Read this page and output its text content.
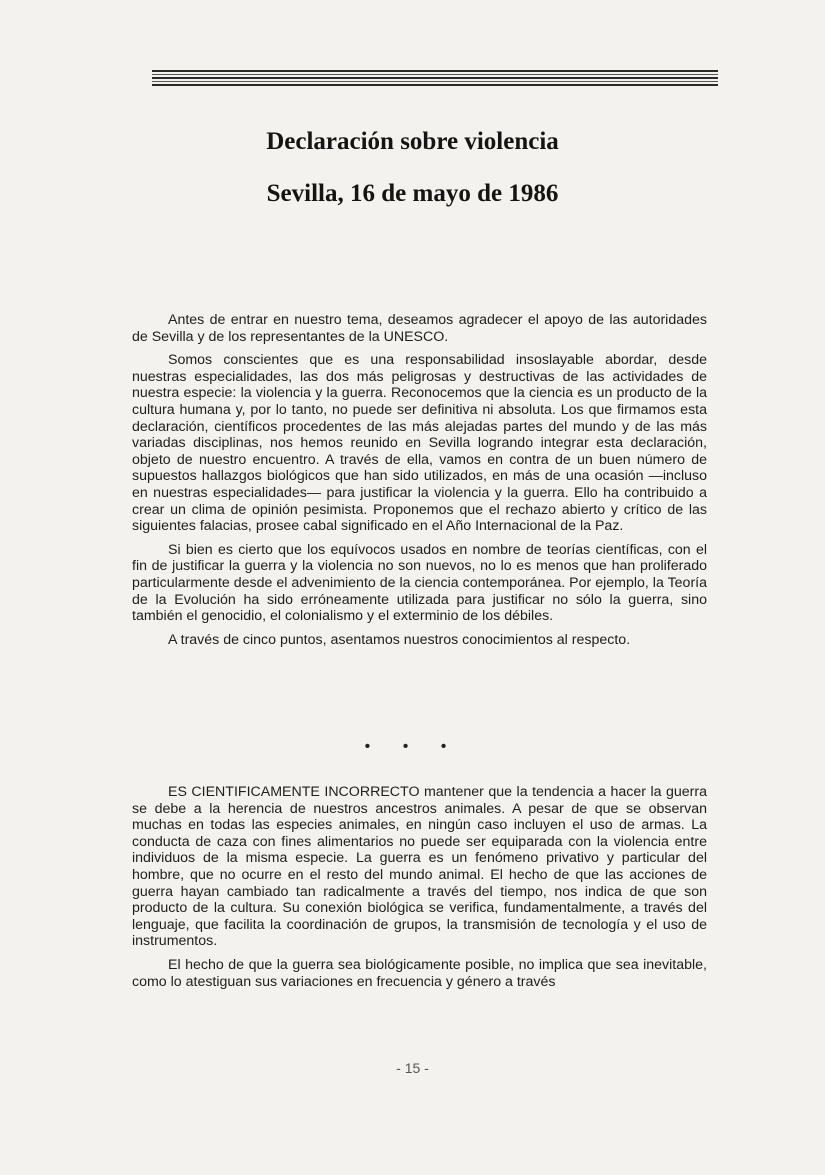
Declaración sobre violencia
Sevilla, 16 de mayo de 1986

Antes de entrar en nuestro tema, deseamos agradecer el apoyo de las autoridades de Sevilla y de los representantes de la UNESCO.

Somos conscientes que es una responsabilidad insoslayable abordar, desde nuestras especialidades, las dos más peligrosas y destructivas de las actividades de nuestra especie: la violencia y la guerra. Reconocemos que la ciencia es un producto de la cultura humana y, por lo tanto, no puede ser definitiva ni absoluta. Los que firmamos esta declaración, científicos procedentes de las más alejadas partes del mundo y de las más variadas disciplinas, nos hemos reunido en Sevilla logrando integrar esta declaración, objeto de nuestro encuentro. A través de ella, vamos en contra de un buen número de supuestos hallazgos biológicos que han sido utilizados, en más de una ocasión —incluso en nuestras especialidades— para justificar la violencia y la guerra. Ello ha contribuido a crear un clima de opinión pesimista. Proponemos que el rechazo abierto y crítico de las siguientes falacias, prosee cabal significado en el Año Internacional de la Paz.

Si bien es cierto que los equívocos usados en nombre de teorías científicas, con el fin de justificar la guerra y la violencia no son nuevos, no lo es menos que han proliferado particularmente desde el advenimiento de la ciencia contemporánea. Por ejemplo, la Teoría de la Evolución ha sido erróneamente utilizada para justificar no sólo la guerra, sino también el genocidio, el colonialismo y el exterminio de los débiles.

A través de cinco puntos, asentamos nuestros conocimientos al respecto.

• • •

ES CIENTIFICAMENTE INCORRECTO mantener que la tendencia a hacer la guerra se debe a la herencia de nuestros ancestros animales. A pesar de que se observan muchas en todas las especies animales, en ningún caso incluyen el uso de armas. La conducta de caza con fines alimentarios no puede ser equiparada con la violencia entre individuos de la misma especie. La guerra es un fenómeno privativo y particular del hombre, que no ocurre en el resto del mundo animal. El hecho de que las acciones de guerra hayan cambiado tan radicalmente a través del tiempo, nos indica de que son producto de la cultura. Su conexión biológica se verifica, fundamentalmente, a través del lenguaje, que facilita la coordinación de grupos, la transmisión de tecnología y el uso de instrumentos.

El hecho de que la guerra sea biológicamente posible, no implica que sea inevitable, como lo atestiguan sus variaciones en frecuencia y género a través

- 15 -
